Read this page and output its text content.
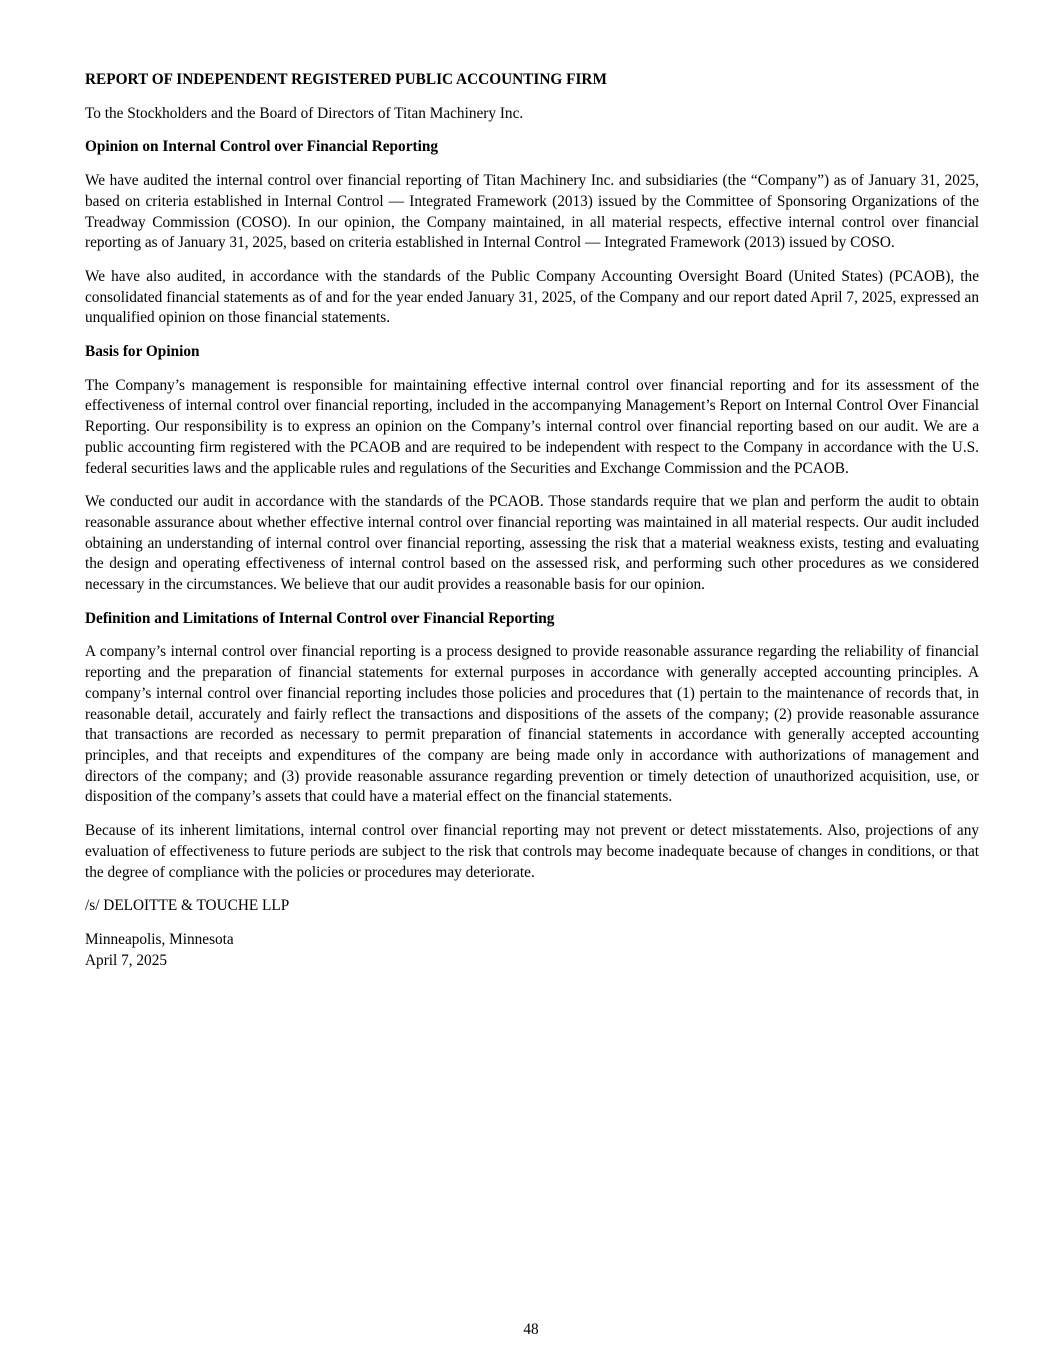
REPORT OF INDEPENDENT REGISTERED PUBLIC ACCOUNTING FIRM

To the Stockholders and the Board of Directors of Titan Machinery Inc.

Opinion on Internal Control over Financial Reporting

We have audited the internal control over financial reporting of Titan Machinery Inc. and subsidiaries (the “Company”) as of January 31, 2025, based on criteria established in Internal Control — Integrated Framework (2013) issued by the Committee of Sponsoring Organizations of the Treadway Commission (COSO). In our opinion, the Company maintained, in all material respects, effective internal control over financial reporting as of January 31, 2025, based on criteria established in Internal Control — Integrated Framework (2013) issued by COSO.

We have also audited, in accordance with the standards of the Public Company Accounting Oversight Board (United States) (PCAOB), the consolidated financial statements as of and for the year ended January 31, 2025, of the Company and our report dated April 7, 2025, expressed an unqualified opinion on those financial statements.

Basis for Opinion

The Company’s management is responsible for maintaining effective internal control over financial reporting and for its assessment of the effectiveness of internal control over financial reporting, included in the accompanying Management’s Report on Internal Control Over Financial Reporting. Our responsibility is to express an opinion on the Company’s internal control over financial reporting based on our audit. We are a public accounting firm registered with the PCAOB and are required to be independent with respect to the Company in accordance with the U.S. federal securities laws and the applicable rules and regulations of the Securities and Exchange Commission and the PCAOB.

We conducted our audit in accordance with the standards of the PCAOB. Those standards require that we plan and perform the audit to obtain reasonable assurance about whether effective internal control over financial reporting was maintained in all material respects. Our audit included obtaining an understanding of internal control over financial reporting, assessing the risk that a material weakness exists, testing and evaluating the design and operating effectiveness of internal control based on the assessed risk, and performing such other procedures as we considered necessary in the circumstances. We believe that our audit provides a reasonable basis for our opinion.

Definition and Limitations of Internal Control over Financial Reporting

A company’s internal control over financial reporting is a process designed to provide reasonable assurance regarding the reliability of financial reporting and the preparation of financial statements for external purposes in accordance with generally accepted accounting principles. A company’s internal control over financial reporting includes those policies and procedures that (1) pertain to the maintenance of records that, in reasonable detail, accurately and fairly reflect the transactions and dispositions of the assets of the company; (2) provide reasonable assurance that transactions are recorded as necessary to permit preparation of financial statements in accordance with generally accepted accounting principles, and that receipts and expenditures of the company are being made only in accordance with authorizations of management and directors of the company; and (3) provide reasonable assurance regarding prevention or timely detection of unauthorized acquisition, use, or disposition of the company’s assets that could have a material effect on the financial statements.

Because of its inherent limitations, internal control over financial reporting may not prevent or detect misstatements. Also, projections of any evaluation of effectiveness to future periods are subject to the risk that controls may become inadequate because of changes in conditions, or that the degree of compliance with the policies or procedures may deteriorate.

/s/ DELOITTE & TOUCHE LLP
Minneapolis, Minnesota
April 7, 2025
48
